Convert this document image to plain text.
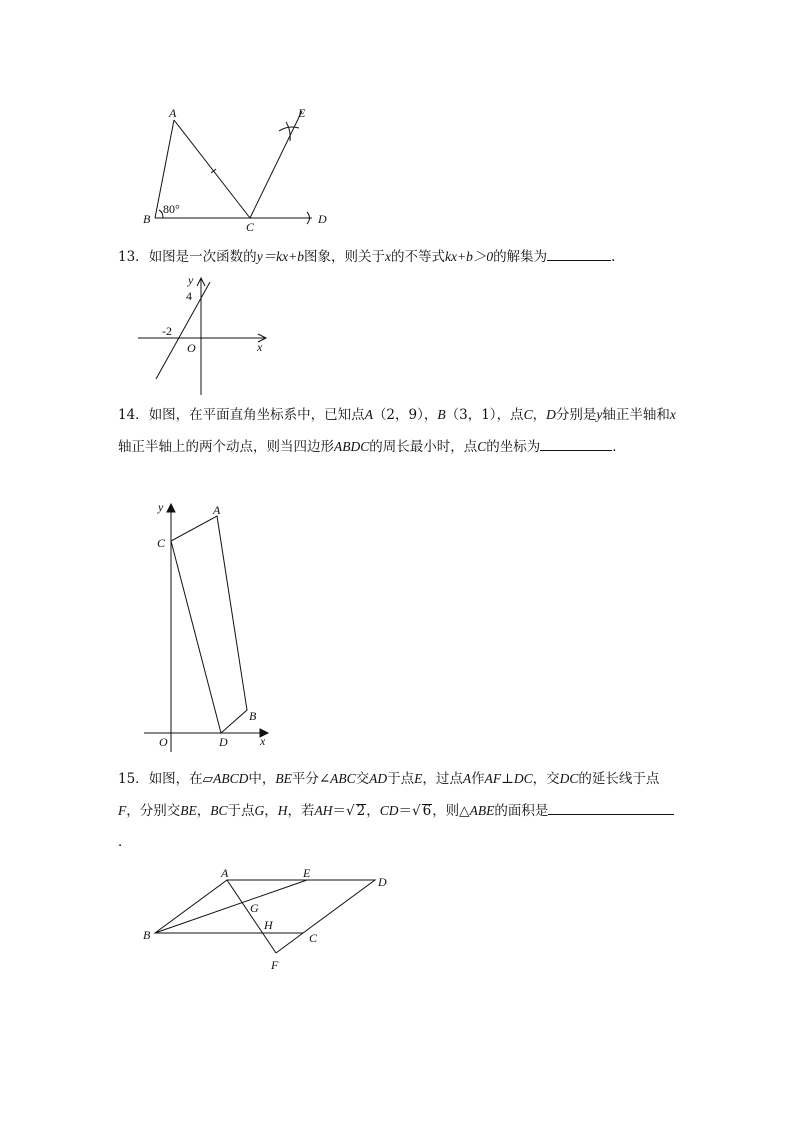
A
B
C
D
E
80°
13．如图是一次函数的y＝kx+b图象，则关于x的不等式kx+b＞0的解集为	．
y
4
-2
O	x
14．如图，在平面直角坐标系中，已知点A（2，9），B（3，1），点C，D分别是y轴正半轴和x轴正半轴上的两个动点，则当四边形ABDC的周长最小时，点C的坐标为	．
y	A
C
B
O	D	x
15．如图，在▱ABCD中，BE平分∠ABC交AD于点E，过点A作AF⊥DC，交DC的延长线于点F，分别交BE，BC于点G，H，若AH＝√ 2，CD＝√ 6，则△ABE的面积是．
A	E
D
B
G
H
C
F
